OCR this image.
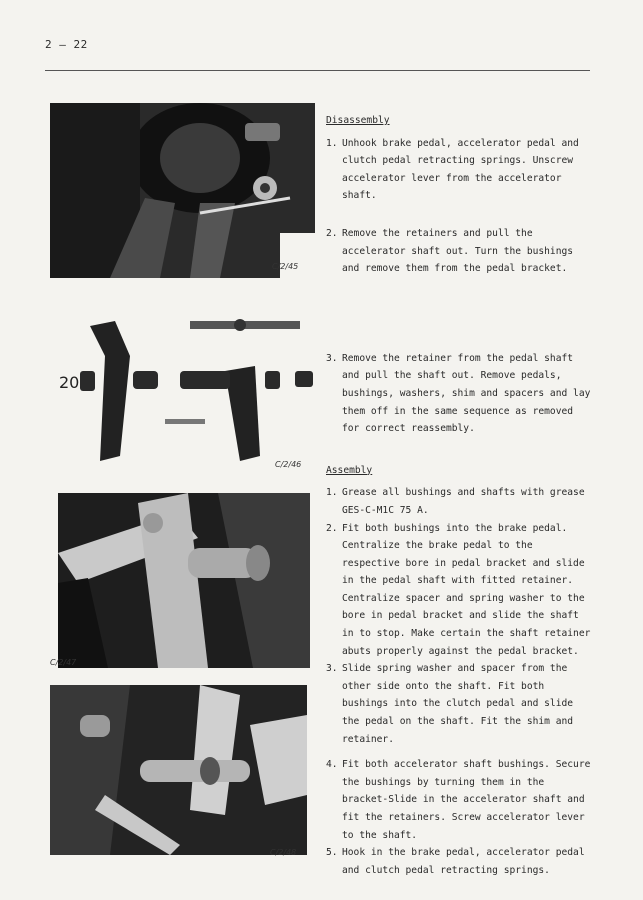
2 – 22
C/2/45
20
C/2/46
C/2/47
C/2/48
Disassembly
1. Unhook brake pedal, accelerator pedal and clutch pedal retracting springs. Unscrew accelerator lever from the accelerator shaft.
2. Remove the retainers and pull the accelerator shaft out. Turn the bushings and remove them from the pedal bracket.
3. Remove the retainer from the pedal shaft and pull the shaft out. Remove pedals, bushings, washers, shim and spacers and lay them off in the same sequence as removed for correct reassembly.
Assembly
1. Grease all bushings and shafts with grease GES-C-M1C 75 A.
2. Fit both bushings into the brake pedal. Centralize the brake pedal to the respective bore in pedal bracket and slide in the pedal shaft with fitted retainer. Centralize spacer and spring washer to the bore in pedal bracket and slide the shaft in to stop. Make certain the shaft retainer abuts properly against the pedal bracket.
3. Slide spring washer and spacer from the other side onto the shaft. Fit both bushings into the clutch pedal and slide the pedal on the shaft. Fit the shim and retainer.
4. Fit both accelerator shaft bushings. Secure the bushings by turning them in the bracket-Slide in the accelerator shaft and fit the retainers. Screw accelerator lever to the shaft.
5. Hook in the brake pedal, accelerator pedal and clutch pedal retracting springs.
